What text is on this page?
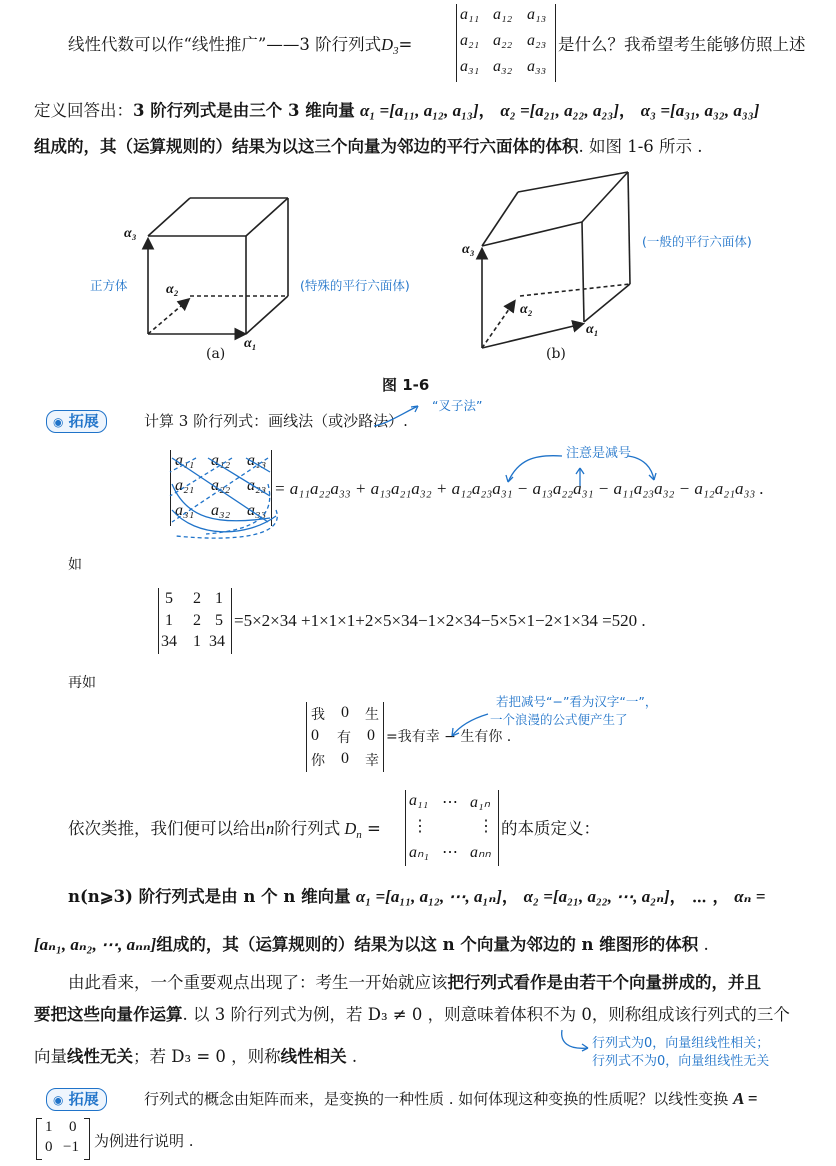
线性代数可以作“线性推广”——3 阶行列式$D_3=$
a₁₁ a₁₂ a₁₃
a₂₁ a₂₂ a₂₃
a₃₁ a₃₂ a₃₃
是什么？我希望考生能够仿照上述
定义回答出：3 阶行列式是由三个 3 维向量 α₁ =[a₁₁, a₁₂, a₁₃]， α₂ =[a₂₁, a₂₂, a₂₃]， α₃ =[a₃₁, a₃₂, a₃₃]
组成的，其（运算规则的）结果为以这三个向量为邻边的平行六面体的体积. 如图 1-6 所示 .
α₃
α₂
α₁
(a)
正方体	(特殊的平行六面体)
α₃
α₂
α₁
(b)
(一般的平行六面体)
图 1-6
◉ 拓展	计算 3 阶行列式：画线法（或沙路法）.
“叉子法”
a₁₁ a₁₂ a₁₃
a₂₁ a₂₂ a₂₃
a₃₁ a₃₂ a₃₃
= a₁₁a₂₂a₃₃ + a₁₃a₂₁a₃₂ + a₁₂a₂₃a₃₁ − a₁₃a₂₂a₃₁ − a₁₁a₂₃a₃₂ − a₁₂a₂₁a₃₃ .
注意是减号
如
5 2 1
1 2 5
34 1 34
=5×2×34 +1×1×1+2×5×34−1×2×34−5×5×1−2×1×34 =520 .
再如
我 0 生
0 有 0
你 0 幸
=我有幸 − 生有你 .
若把减号“−”看为汉字“一”，
一个浪漫的公式便产生了
依次类推，我们便可以给出n阶行列式 $D_n$ =
a₁₁ ⋯ a₁ₙ
⋮	⋮
aₙ₁ ⋯ aₙₙ
的本质定义：
n(n⩾3) 阶行列式是由 n 个 n 维向量 α₁ =[a₁₁, a₁₂, ⋯, a₁ₙ]， α₂ =[a₂₁, a₂₂, ⋯, a₂ₙ]， ⋯ ， αₙ =
[aₙ₁, aₙ₂, ⋯, aₙₙ]组成的，其（运算规则的）结果为以这 n 个向量为邻边的 n 维图形的体积 .
由此看来，一个重要观点出现了：考生一开始就应该把行列式看作是由若干个向量拼成的，并且
要把这些向量作运算. 以 3 阶行列式为例，若 D₃ ≠ 0 ，则意味着体积不为 0，则称组成该行列式的三个
向量线性无关；若 D₃ = 0 ，则称线性相关 .
行列式为0，向量组线性相关；
行列式不为0，向量组线性无关
◉ 拓展	行列式的概念由矩阵而来，是变换的一种性质 . 如何体现这种变换的性质呢？以线性变换 A =
1 0
0 −1 为例进行说明 .
